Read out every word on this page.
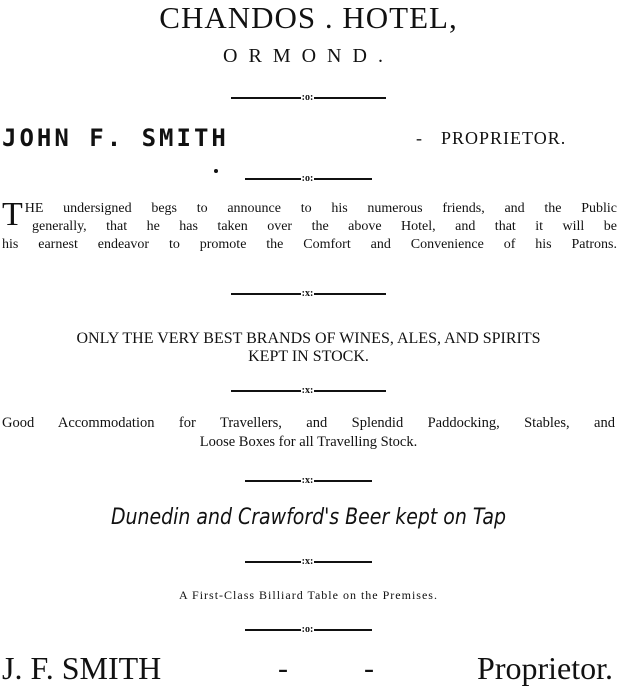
CHANDOS . HOTEL,
ORMOND.
:o:
JOHN F. SMITH	- PROPRIETOR.
:o:
T HE undersigned begs to announce to his numerous friends, and the Public

generally, that he has taken over the above Hotel, and that it will be

his earnest endeavor to promote the Comfort and Convenience of his Patrons.

:x:
ONLY THE VERY BEST BRANDS OF WINES, ALES, AND SPIRITS
KEPT IN STOCK.
:x:
Good Accommodation for Travellers, and Splendid Paddocking, Stables, and
Loose Boxes for all Travelling Stock.
:x:
Dunedin and Crawford's Beer kept on Tap
:x:
A First-Class Billiard Table on the Premises.
:o:
J. F. SMITH	-	-	Proprietor.
